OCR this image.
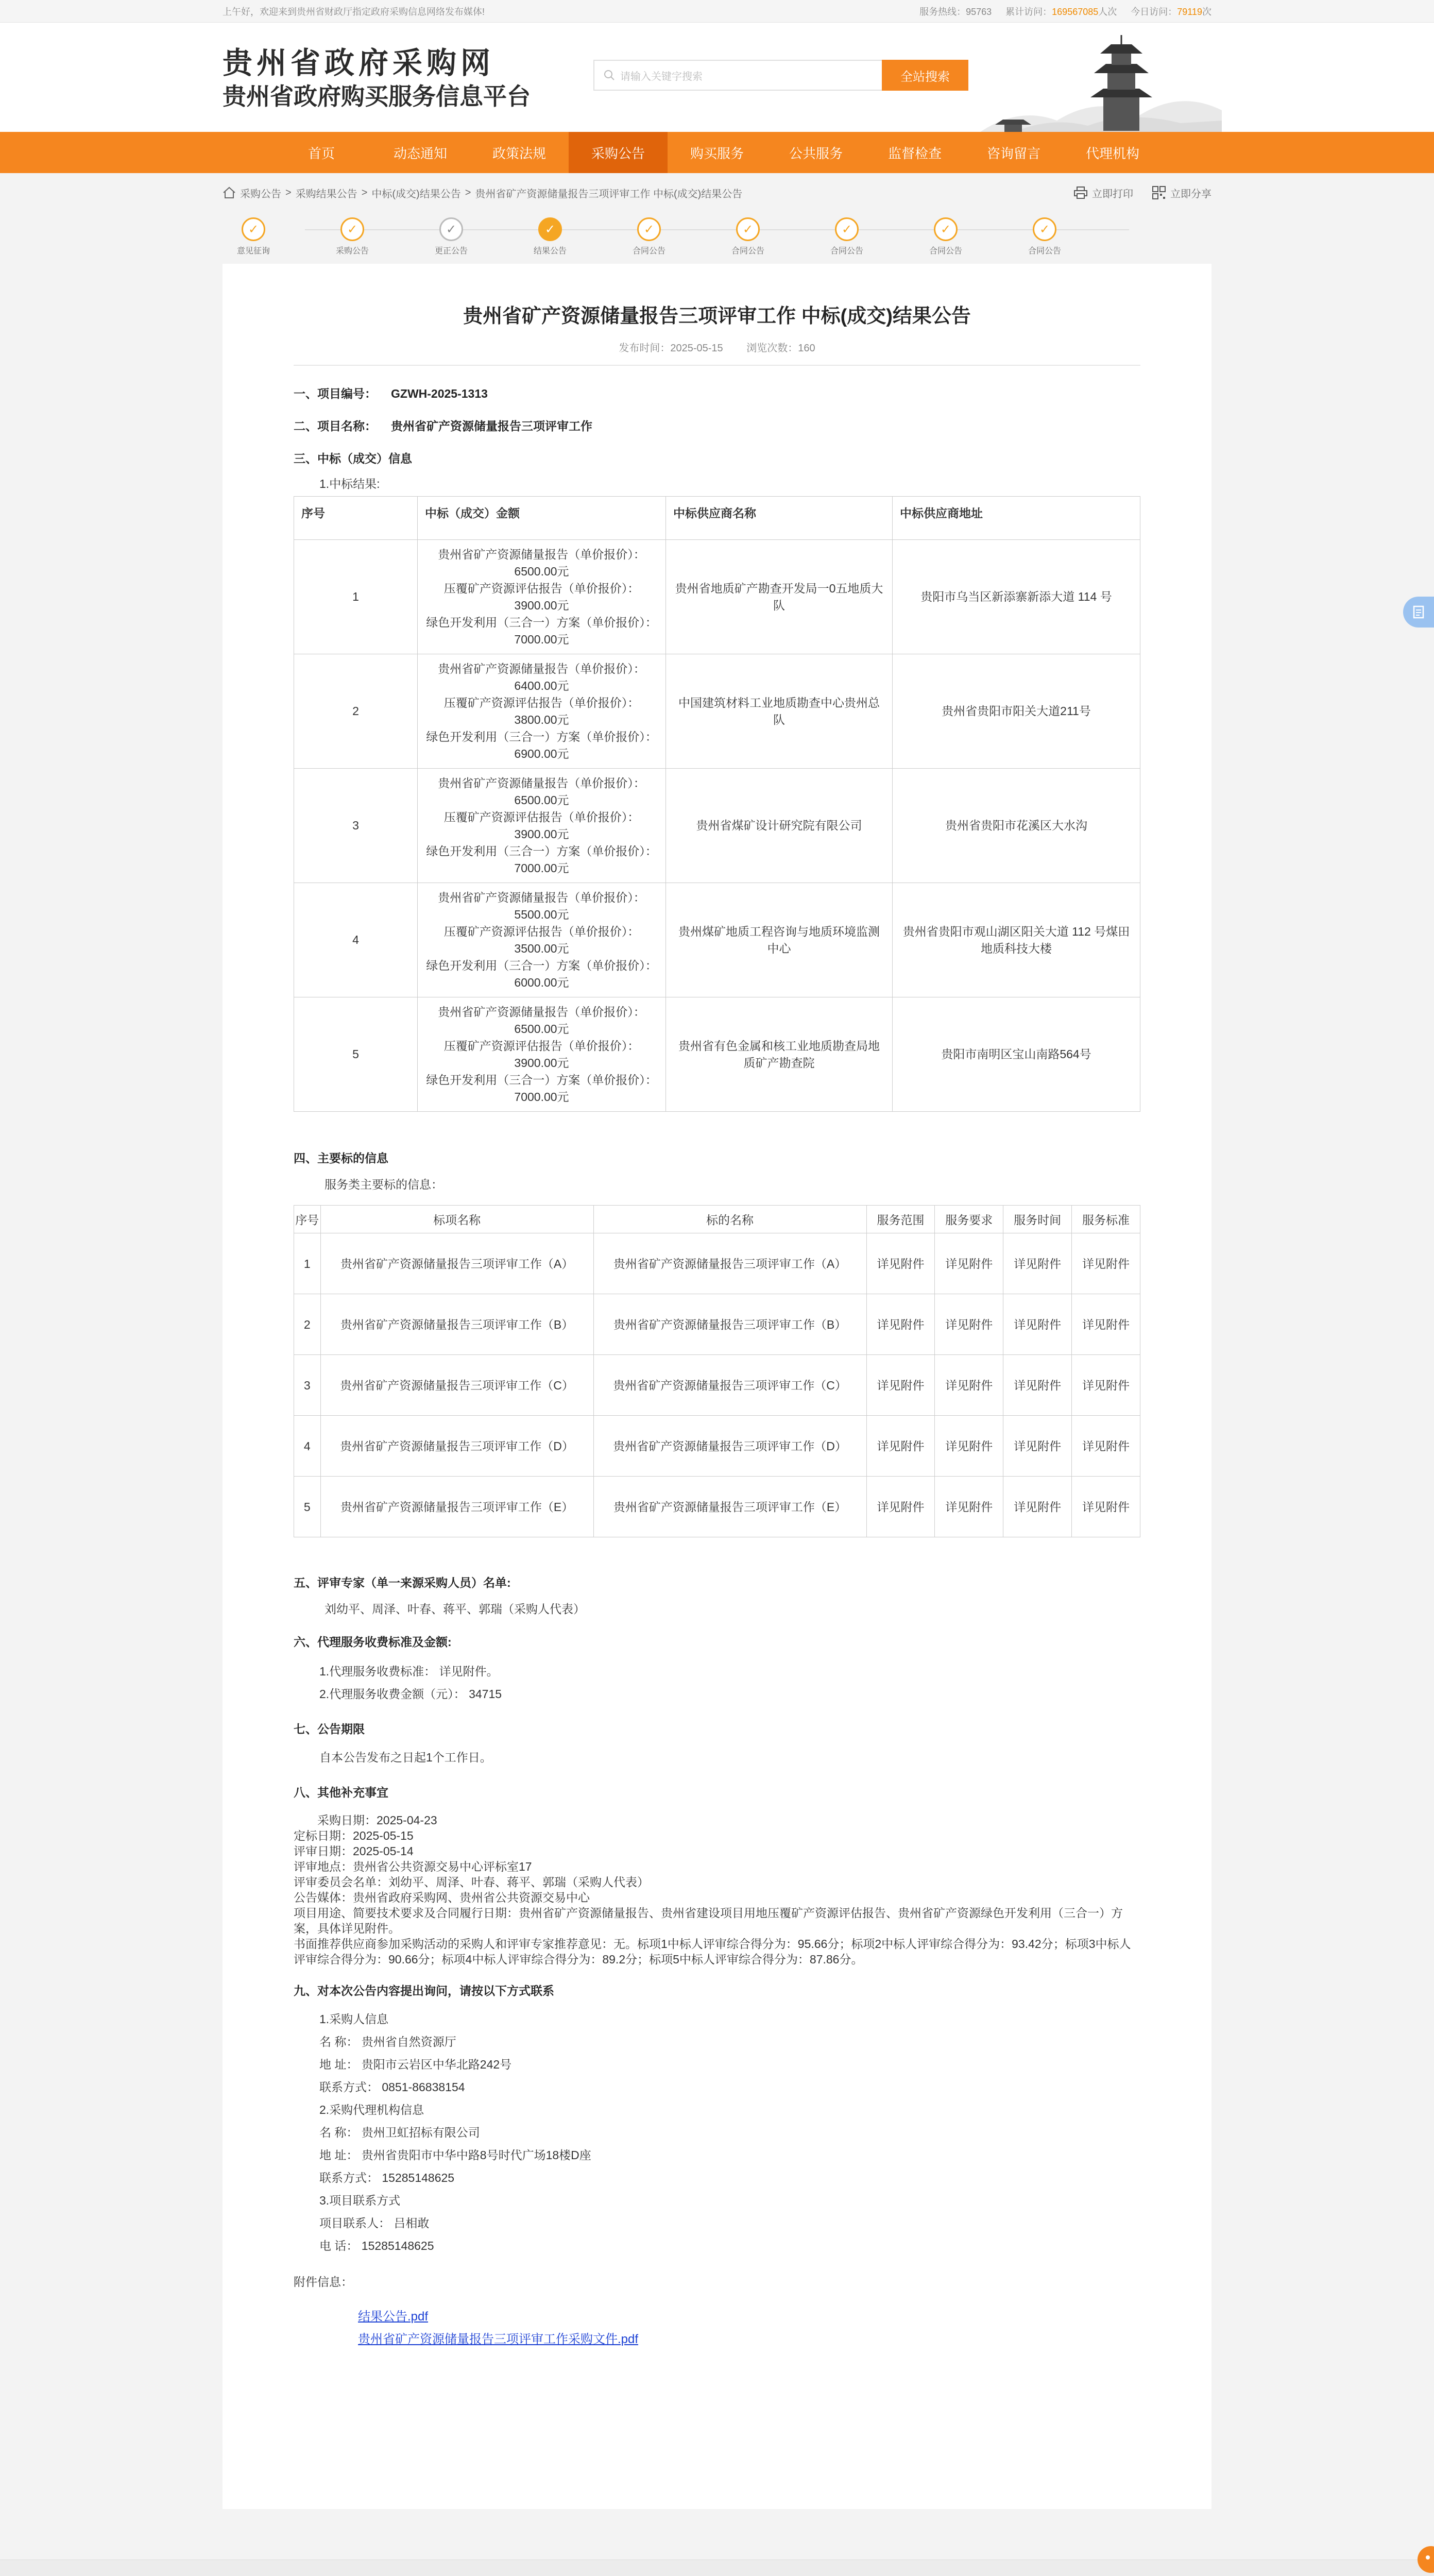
上午好，欢迎来到贵州省财政厅指定政府采购信息网络发布媒体!	服务热线：95763 累计访问：169567085人次 今日访问：79119次
贵州省政府采购网
贵州省政府购买服务信息平台
请输入关键字搜索	全站搜索
首页	动态通知	政策法规	采购公告	购买服务	公共服务	监督检查	咨询留言	代理机构
采购公告 > 采购结果公告 > 中标(成交)结果公告 > 贵州省矿产资源储量报告三项评审工作 中标(成交)结果公告	立即打印	立即分享
✓
意见征询
✓	采购公告
✓	更正公告
✓	结果公告
✓	合同公告
✓	合同公告
✓	合同公告
✓	合同公告
✓	合同公告
贵州省矿产资源储量报告三项评审工作 中标(成交)结果公告
发布时间：2025-05-15 浏览次数：160
一、项目编号： GZWH-2025-1313
二、项目名称： 贵州省矿产资源储量报告三项评审工作
三、中标（成交）信息
1.中标结果:
序号	中标（成交）金额	中标供应商名称	中标供应商地址
1	贵州省矿产资源储量报告（单价报价）：6500.00元
压覆矿产资源评估报告（单价报价）：3900.00元
绿色开发利用（三合一）方案（单价报价）：7000.00元	贵州省地质矿产勘查开发局一0五地质大队	贵阳市乌当区新添寨新添大道 114 号
2	贵州省矿产资源储量报告（单价报价）：6400.00元
压覆矿产资源评估报告（单价报价）：3800.00元
绿色开发利用（三合一）方案（单价报价）：6900.00元	中国建筑材料工业地质勘查中心贵州总队	贵州省贵阳市阳关大道211号
3	贵州省矿产资源储量报告（单价报价）：6500.00元
压覆矿产资源评估报告（单价报价）：3900.00元
绿色开发利用（三合一）方案（单价报价）：7000.00元	贵州省煤矿设计研究院有限公司	贵州省贵阳市花溪区大水沟
4	贵州省矿产资源储量报告（单价报价）：5500.00元
压覆矿产资源评估报告（单价报价）：3500.00元
绿色开发利用（三合一）方案（单价报价）：6000.00元	贵州煤矿地质工程咨询与地质环境监测中心	贵州省贵阳市观山湖区阳关大道 112 号煤田地质科技大楼
5	贵州省矿产资源储量报告（单价报价）：6500.00元
压覆矿产资源评估报告（单价报价）：3900.00元
绿色开发利用（三合一）方案（单价报价）：7000.00元	贵州省有色金属和核工业地质勘查局地质矿产勘查院	贵阳市南明区宝山南路564号
四、主要标的信息
服务类主要标的信息：
序号	标项名称	标的名称	服务范围	服务要求	服务时间	服务标准
1	贵州省矿产资源储量报告三项评审工作（A）	贵州省矿产资源储量报告三项评审工作（A）	详见附件	详见附件	详见附件	详见附件
2	贵州省矿产资源储量报告三项评审工作（B）	贵州省矿产资源储量报告三项评审工作（B）	详见附件	详见附件	详见附件	详见附件
3	贵州省矿产资源储量报告三项评审工作（C）	贵州省矿产资源储量报告三项评审工作（C）	详见附件	详见附件	详见附件	详见附件
4	贵州省矿产资源储量报告三项评审工作（D）	贵州省矿产资源储量报告三项评审工作（D）	详见附件	详见附件	详见附件	详见附件
5	贵州省矿产资源储量报告三项评审工作（E）	贵州省矿产资源储量报告三项评审工作（E）	详见附件	详见附件	详见附件	详见附件
五、评审专家（单一来源采购人员）名单:
刘幼平、周泽、叶春、蒋平、郭瑞（采购人代表）
六、代理服务收费标准及金额:
1.代理服务收费标准： 详见附件。
2.代理服务收费金额（元）： 34715
七、公告期限
自本公告发布之日起1个工作日。
八、其他补充事宜
　　采购日期：2025-04-23
定标日期：2025-05-15
评审日期：2025-05-14
评审地点：贵州省公共资源交易中心评标室17
评审委员会名单：刘幼平、周泽、叶春、蒋平、郭瑞（采购人代表）
公告媒体：贵州省政府采购网、贵州省公共资源交易中心
项目用途、简要技术要求及合同履行日期：贵州省矿产资源储量报告、贵州省建设项目用地压覆矿产资源评估报告、贵州省矿产资源绿色开发利用（三合一）方案，具体详见附件。
书面推荐供应商参加采购活动的采购人和评审专家推荐意见：无。标项1中标人评审综合得分为：95.66分；标项2中标人评审综合得分为：93.42分；标项3中标人评审综合得分为：90.66分；标项4中标人评审综合得分为：89.2分；标项5中标人评审综合得分为：87.86分。
九、对本次公告内容提出询问，请按以下方式联系
1.采购人信息
名 称： 贵州省自然资源厅
地 址： 贵阳市云岩区中华北路242号
联系方式： 0851-86838154
2.采购代理机构信息
名 称： 贵州卫虹招标有限公司
地 址： 贵州省贵阳市中华中路8号时代广场18楼D座
联系方式： 15285148625
3.项目联系方式
项目联系人： 吕相敢
电 话： 15285148625
附件信息：
结果公告.pdf
贵州省矿产资源储量报告三项评审工作采购文件.pdf
